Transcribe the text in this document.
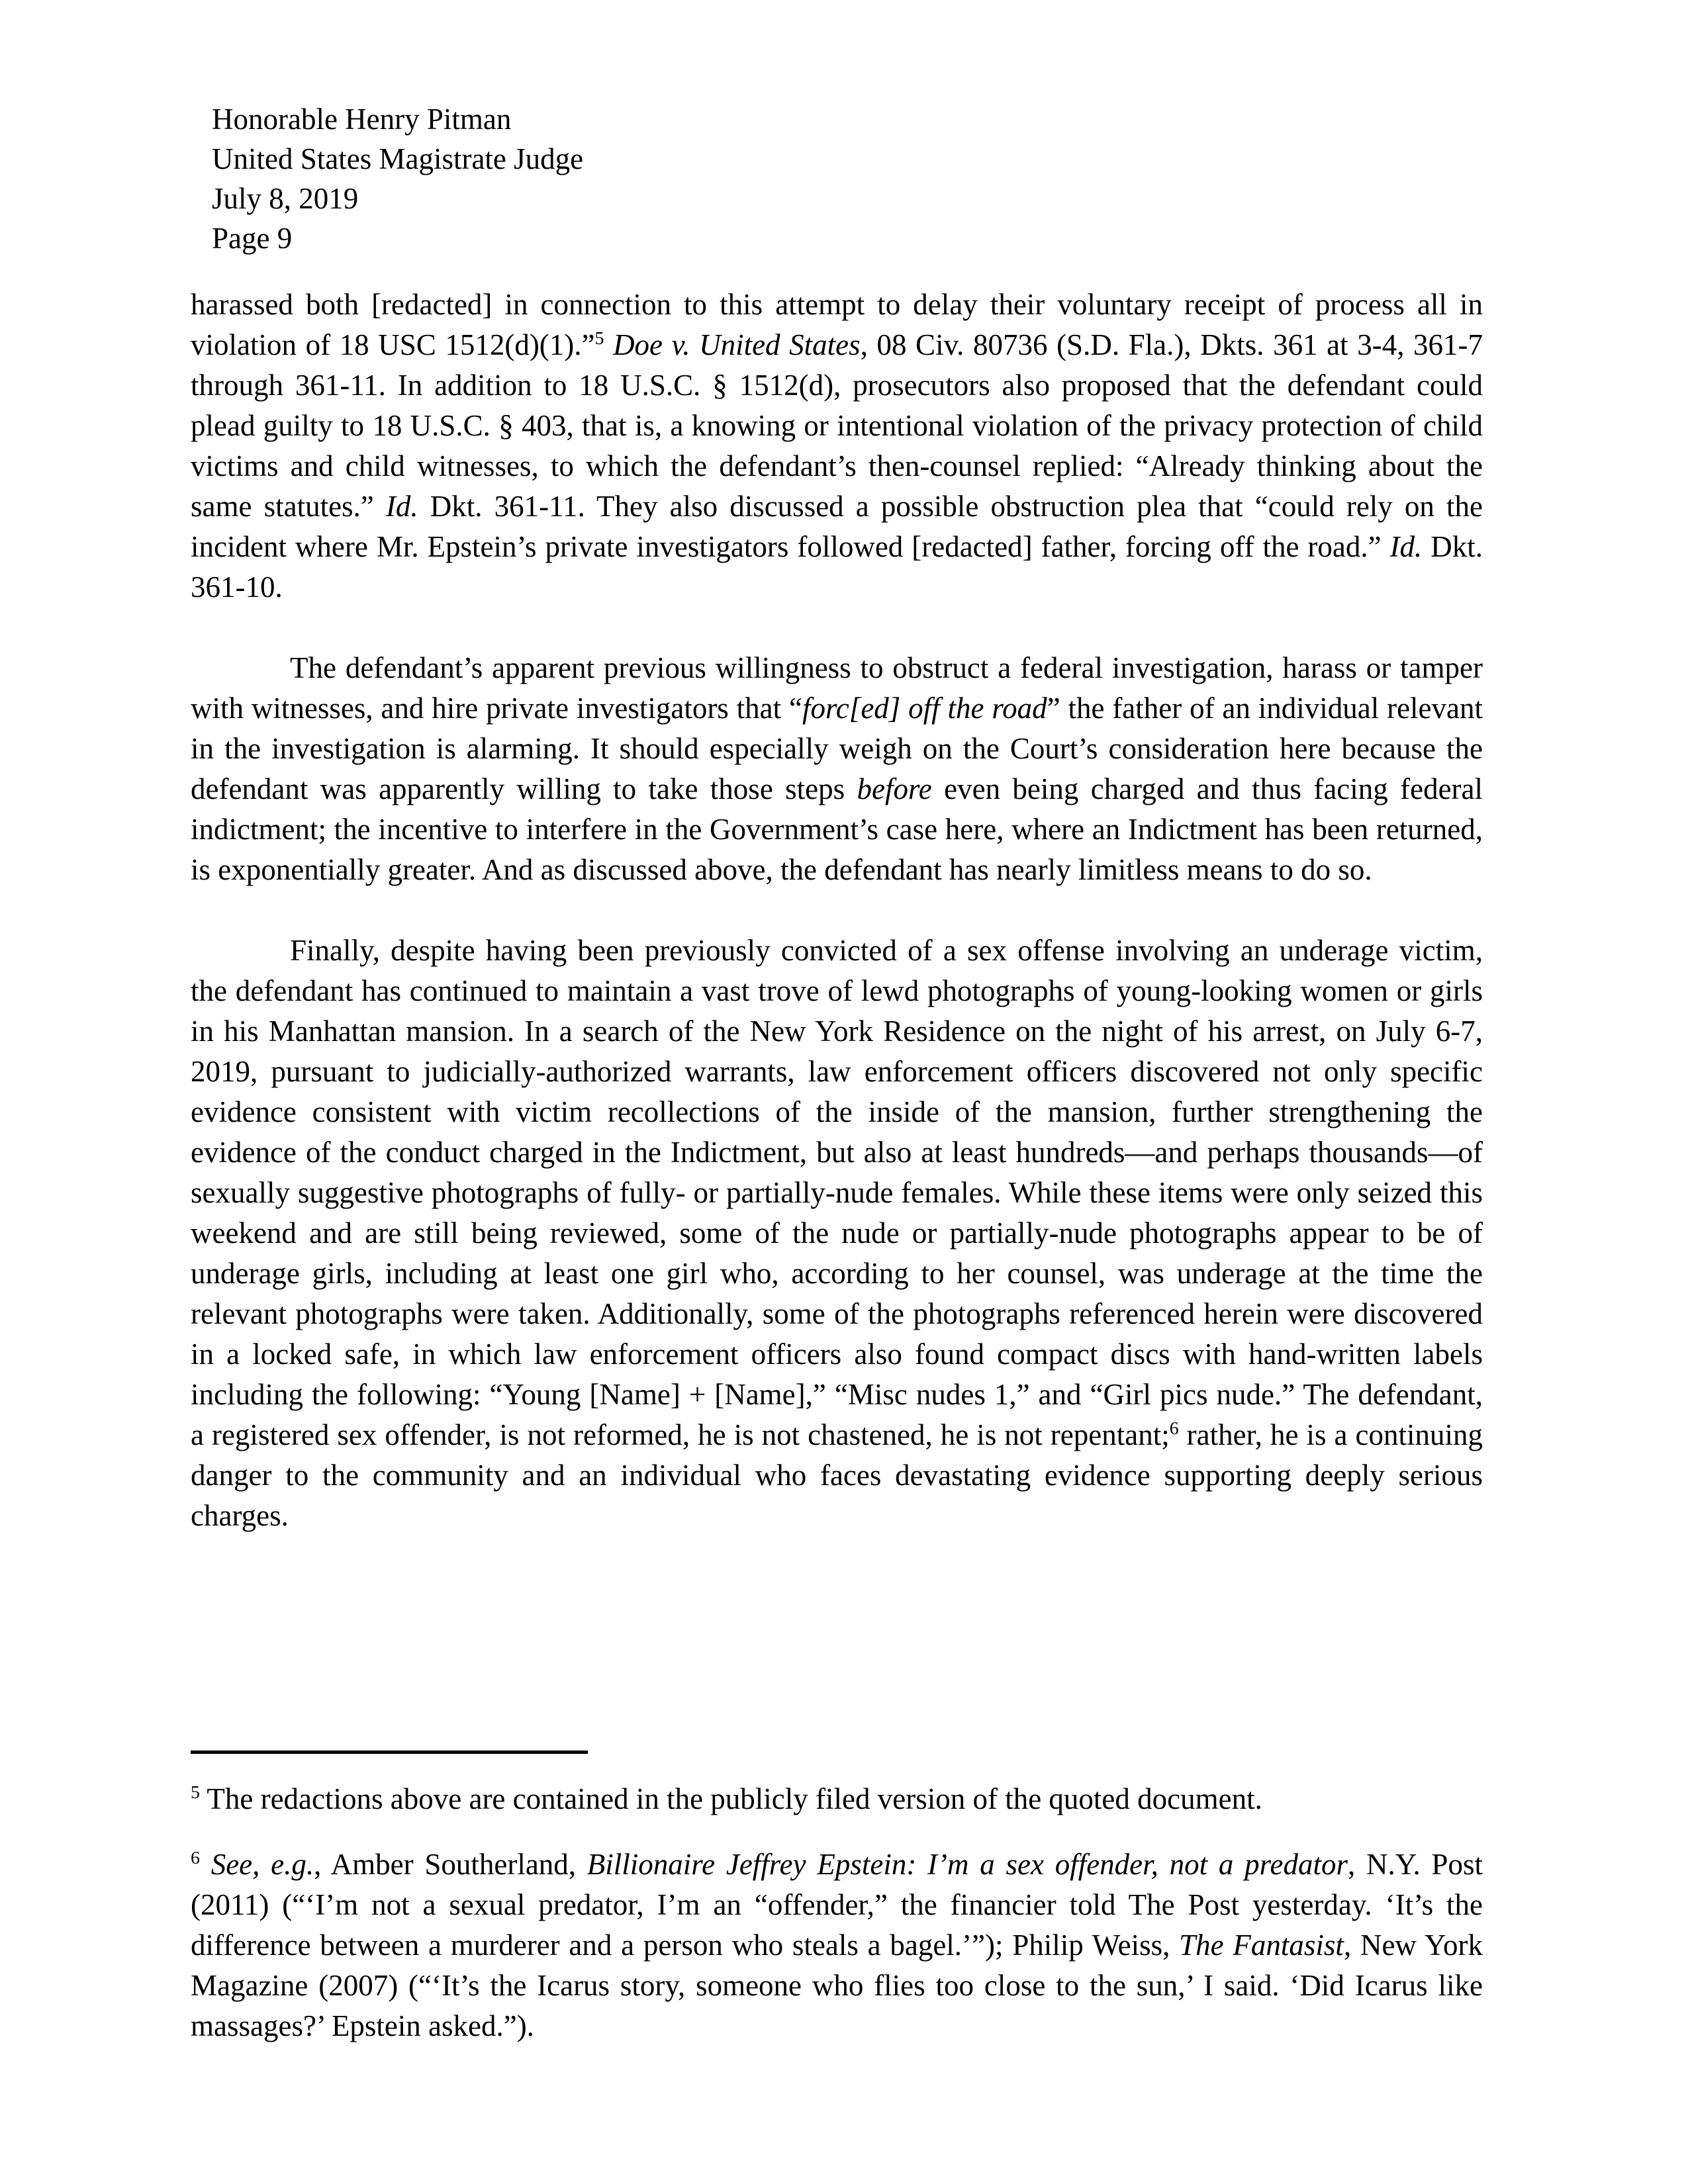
Honorable Henry Pitman
United States Magistrate Judge
July 8, 2019
Page 9

harassed both [redacted] in connection to this attempt to delay their voluntary receipt of process all in violation of 18 USC 1512(d)(1).”$^5$ Doe v. United States, 08 Civ. 80736 (S.D. Fla.), Dkts. 361 at 3-4, 361-7 through 361-11. In addition to 18 U.S.C. § 1512(d), prosecutors also proposed that the defendant could plead guilty to 18 U.S.C. § 403, that is, a knowing or intentional violation of the privacy protection of child victims and child witnesses, to which the defendant’s then-counsel replied: “Already thinking about the same statutes.” Id. Dkt. 361-11. They also discussed a possible obstruction plea that “could rely on the incident where Mr. Epstein’s private investigators followed [redacted] father, forcing off the road.” Id. Dkt. 361-10.

The defendant’s apparent previous willingness to obstruct a federal investigation, harass or tamper with witnesses, and hire private investigators that “forc[ed] off the road” the father of an individual relevant in the investigation is alarming. It should especially weigh on the Court’s consideration here because the defendant was apparently willing to take those steps before even being charged and thus facing federal indictment; the incentive to interfere in the Government’s case here, where an Indictment has been returned, is exponentially greater. And as discussed above, the defendant has nearly limitless means to do so.

Finally, despite having been previously convicted of a sex offense involving an underage victim, the defendant has continued to maintain a vast trove of lewd photographs of young-looking women or girls in his Manhattan mansion. In a search of the New York Residence on the night of his arrest, on July 6-7, 2019, pursuant to judicially-authorized warrants, law enforcement officers discovered not only specific evidence consistent with victim recollections of the inside of the mansion, further strengthening the evidence of the conduct charged in the Indictment, but also at least hundreds—and perhaps thousands—of sexually suggestive photographs of fully- or partially-nude females. While these items were only seized this weekend and are still being reviewed, some of the nude or partially-nude photographs appear to be of underage girls, including at least one girl who, according to her counsel, was underage at the time the relevant photographs were taken. Additionally, some of the photographs referenced herein were discovered in a locked safe, in which law enforcement officers also found compact discs with hand-written labels including the following: “Young [Name] + [Name],” “Misc nudes 1,” and “Girl pics nude.” The defendant, a registered sex offender, is not reformed, he is not chastened, he is not repentant;$^6$ rather, he is a continuing danger to the community and an individual who faces devastating evidence supporting deeply serious charges.

$^5$ The redactions above are contained in the publicly filed version of the quoted document.

$^6$ See, e.g., Amber Southerland, Billionaire Jeffrey Epstein: I’m a sex offender, not a predator, N.Y. Post (2011) (“‘I’m not a sexual predator, I’m an “offender,” the financier told The Post yesterday. ‘It’s the difference between a murderer and a person who steals a bagel.’”); Philip Weiss, The Fantasist, New York Magazine (2007) (“‘It’s the Icarus story, someone who flies too close to the sun,’ I said. ‘Did Icarus like massages?’ Epstein asked.”).
